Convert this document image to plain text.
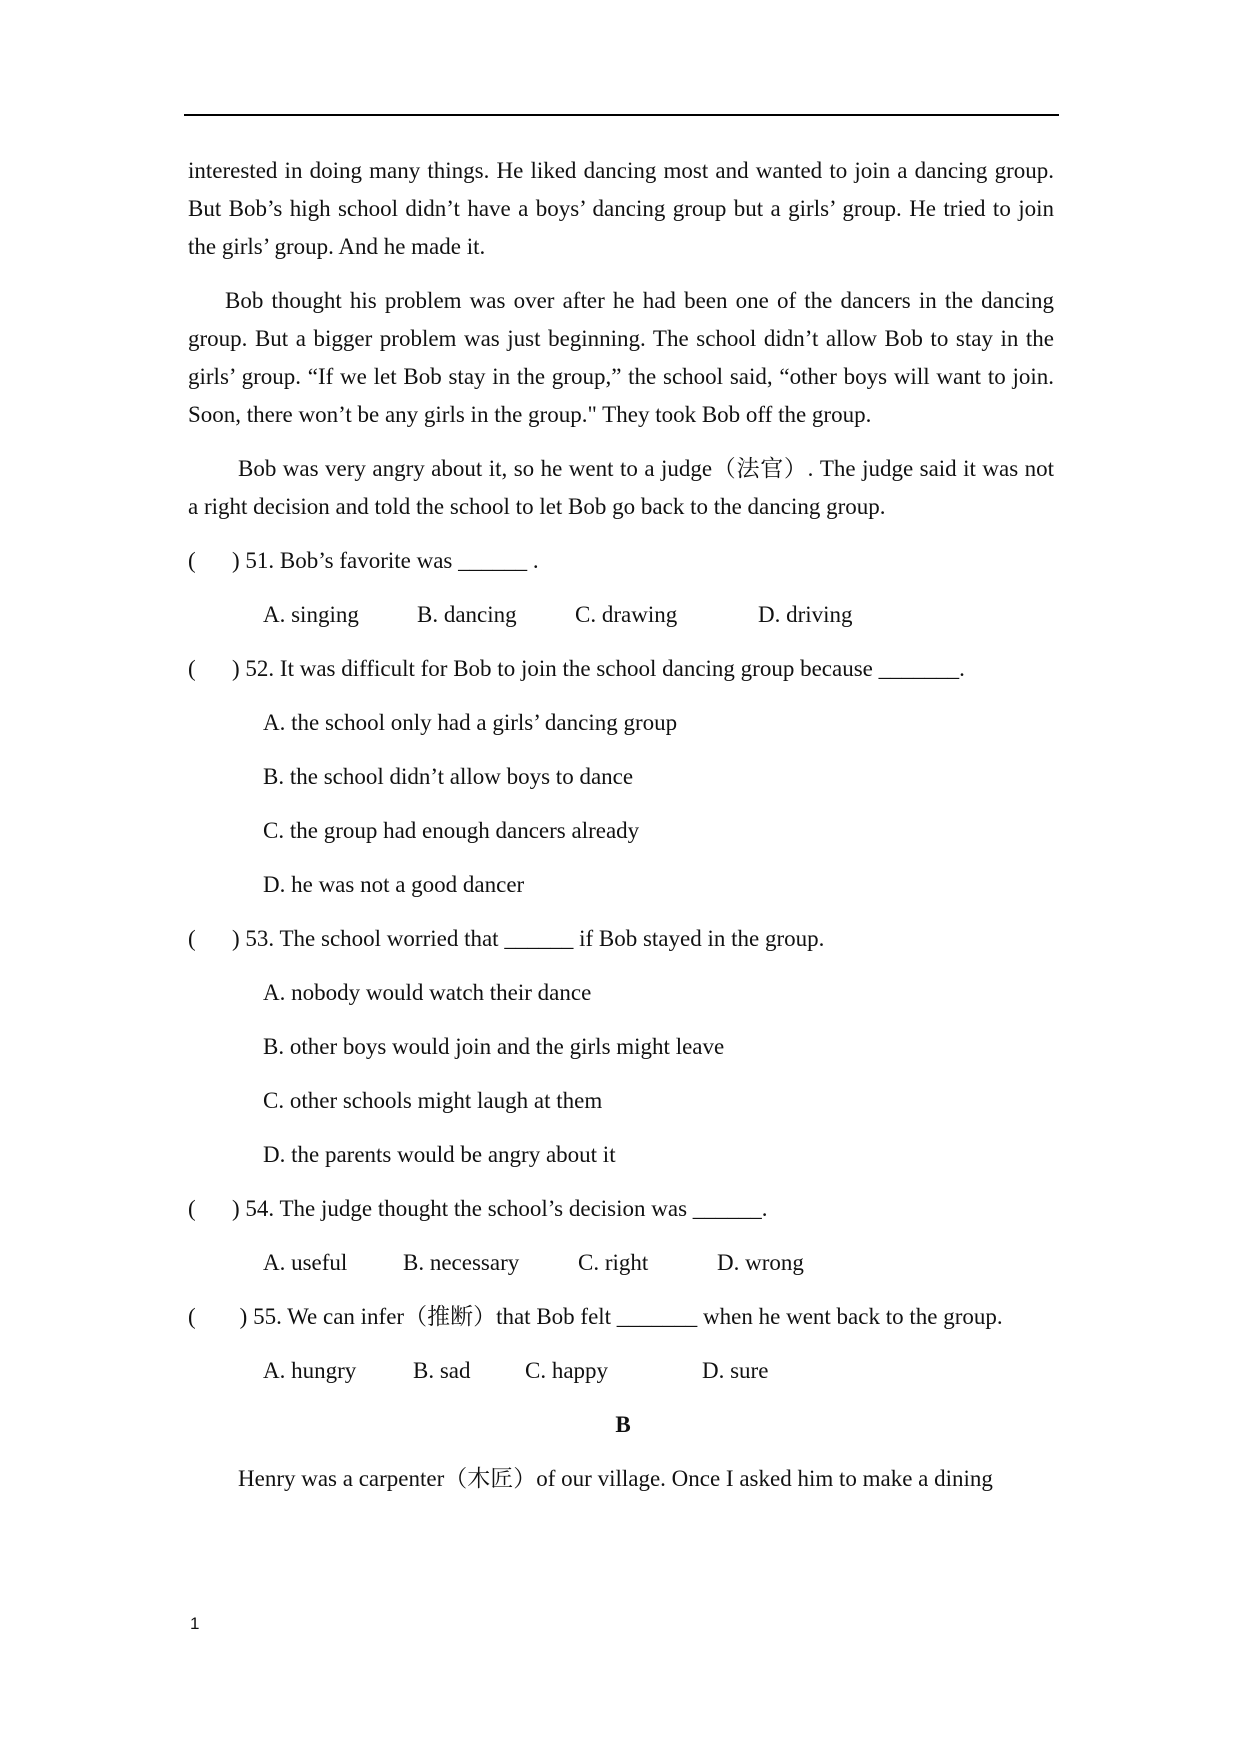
interested in doing many things. He liked dancing most and wanted to join a dancing group. But Bob’s high school didn’t have a boys’ dancing group but a girls’ group. He tried to join the girls’ group. And he made it.

Bob thought his problem was over after he had been one of the dancers in the dancing group. But a bigger problem was just beginning. The school didn’t allow Bob to stay in the girls’ group. “If we let Bob stay in the group,” the school said, “other boys will want to join. Soon, there won’t be any girls in the group." They took Bob off the group.

Bob was very angry about it, so he went to a judge（法官）. The judge said it was not a right decision and told the school to let Bob go back to the dancing group.

( ) 51. Bob’s favorite was ______ .
A. singing	B. dancing	C. drawing	D. driving
( ) 52. It was difficult for Bob to join the school dancing group because _______.
A. the school only had a girls’ dancing group
B. the school didn’t allow boys to dance
C. the group had enough dancers already
D. he was not a good dancer
( ) 53. The school worried that ______ if Bob stayed in the group.
A. nobody would watch their dance
B. other boys would join and the girls might leave
C. other schools might laugh at them
D. the parents would be angry about it
( ) 54. The judge thought the school’s decision was ______.
A. useful B. necessary	C. right	D. wrong

( ) 55. We can infer（推断）that Bob felt _______ when he went back to the group.

A. hungry B. sad C. happy	D. sure
B

Henry was a carpenter（木匠）of our village. Once I asked him to make a dining

1
